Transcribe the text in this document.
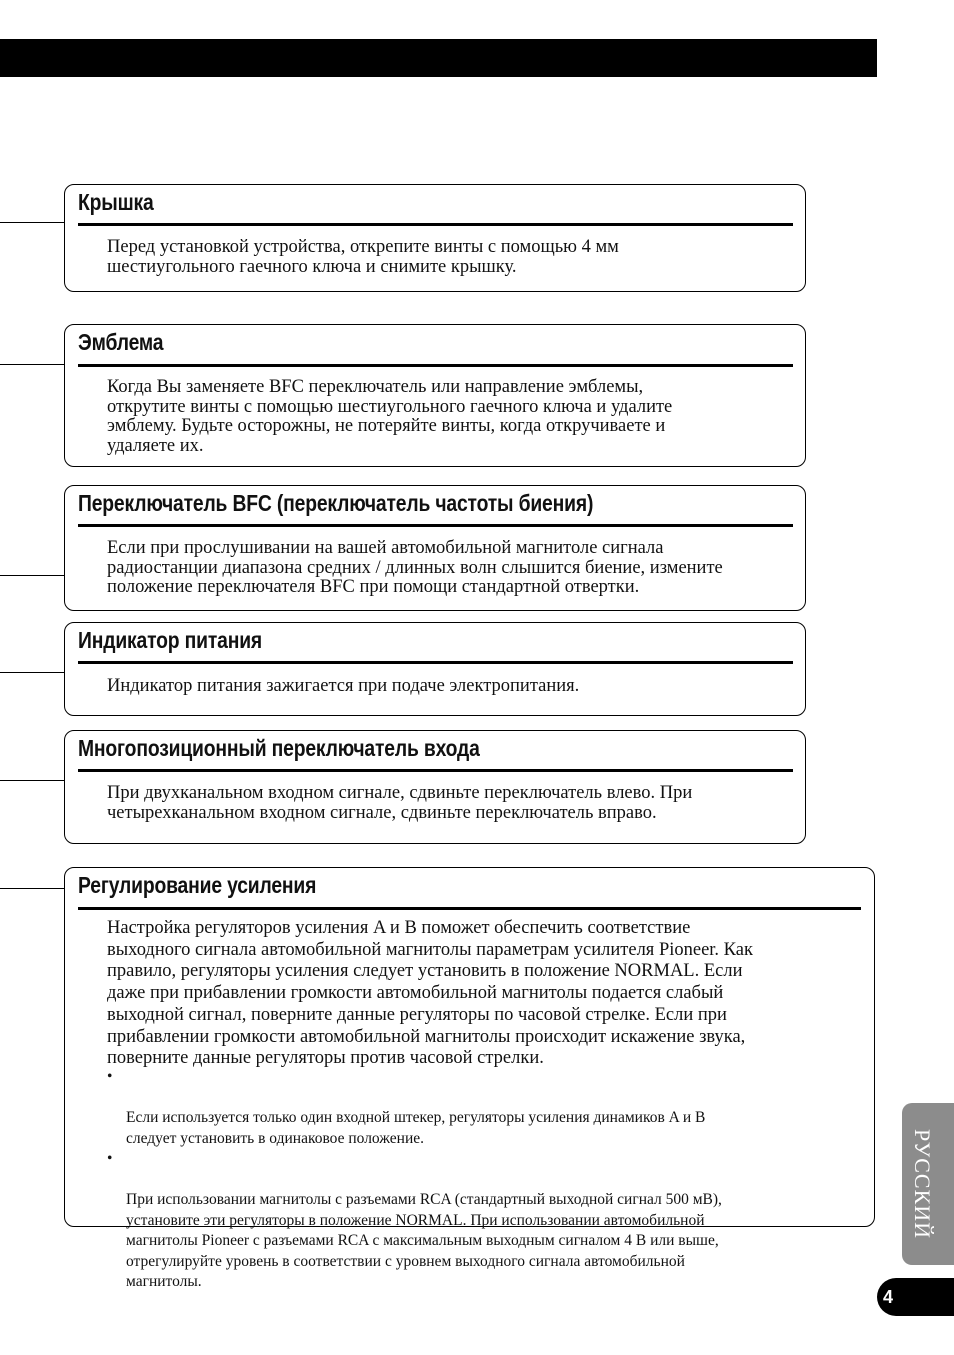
Крышка
Перед установкой устройства, открепите винты с помощью 4 мм
шестиугольного гаечного ключа и снимите крышку.
Эмблема
Когда Вы заменяете BFC переключатель или направление эмблемы,
открутите винты с помощью шестиугольного гаечного ключа и удалите
эмблему. Будьте осторожны, не потеряйте винты, когда откручиваете и
удаляете их.
Переключатель BFC (переключатель частоты биения)
Если при прослушивании на вашей автомобильной магнитоле сигнала
радиостанции диапазона средних / длинных волн слышится биение, измените
положение переключателя BFC при помощи стандартной отвертки.
Индикатор питания
Индикатор питания зажигается при подаче электропитания.
Многопозиционный переключатель входа
При двухканальном входном сигнале, сдвиньте переключатель влево. При
четырехканальном входном сигнале, сдвиньте переключатель вправо.
Регулирование усиления
Настройка регуляторов усиления A и B поможет обеспечить соответствие
выходного сигнала автомобильной магнитолы параметрам усилителя Pioneer. Как
правило, регуляторы усиления следует установить в положение NORMAL. Если
даже при прибавлении громкости автомобильной магнитолы подается слабый
выходной сигнал, поверните данные регуляторы по часовой стрелке. Если при
прибавлении громкости автомобильной магнитолы происходит искажение звука,
поверните данные регуляторы против часовой стрелки.

•

Если используется только один входной штекер, регуляторы усиления динамиков A и B
следует установить в одинаковое положение.

•

При использовании магнитолы с разъемами RCA (стандартный выходной сигнал 500 мВ),
установите эти регуляторы в положение NORMAL. При использовании автомобильной
магнитолы Pioneer с разъемами RCA с максимальным выходным сигналом 4 В или выше,
отрегулируйте уровень в соответствии с уровнем выходного сигнала автомобильной
магнитолы.

РУССКИЙ
4
